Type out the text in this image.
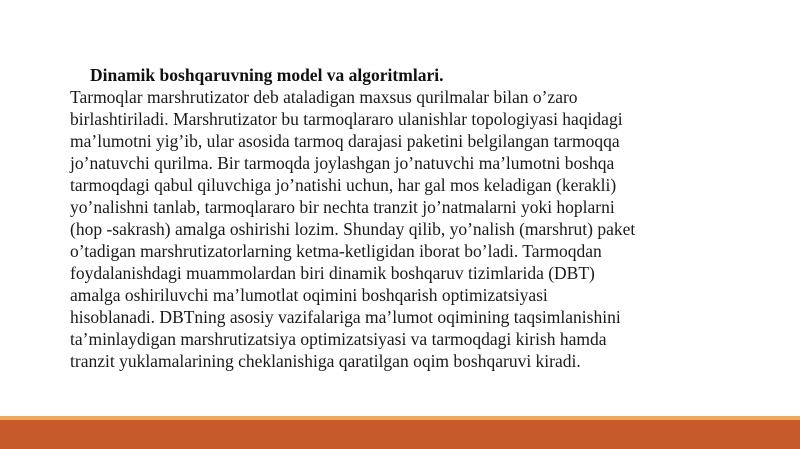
Dinamik boshqaruvning model va algoritmlari.

Tarmoqlar marshrutizator deb ataladigan maxsus qurilmalar bilan o’zaro

birlashtiriladi. Marshrutizator bu tarmoqlararo ulanishlar topologiyasi haqidagi

ma’lumotni yig’ib, ular asosida tarmoq darajasi paketini belgilangan tarmoqqa

jo’natuvchi qurilma. Bir tarmoqda joylashgan jo’natuvchi ma’lumotni boshqa

tarmoqdagi qabul qiluvchiga jo’natishi uchun, har gal mos keladigan (kerakli)

yo’nalishni tanlab, tarmoqlararo bir nechta tranzit jo’natmalarni yoki hoplarni

(hop -sakrash) amalga oshirishi lozim. Shunday qilib, yo’nalish (marshrut) paket

o’tadigan marshrutizatorlarning ketma-ketligidan iborat bo’ladi. Tarmoqdan

foydalanishdagi muammolardan biri dinamik boshqaruv tizimlarida (DBT)

amalga oshiriluvchi ma’lumotlat oqimini boshqarish optimizatsiyasi

hisoblanadi. DBTning asosiy vazifalariga ma’lumot oqimining taqsimlanishini

ta’minlaydigan marshrutizatsiya optimizatsiyasi va tarmoqdagi kirish hamda

tranzit yuklamalarining cheklanishiga qaratilgan oqim boshqaruvi kiradi.
